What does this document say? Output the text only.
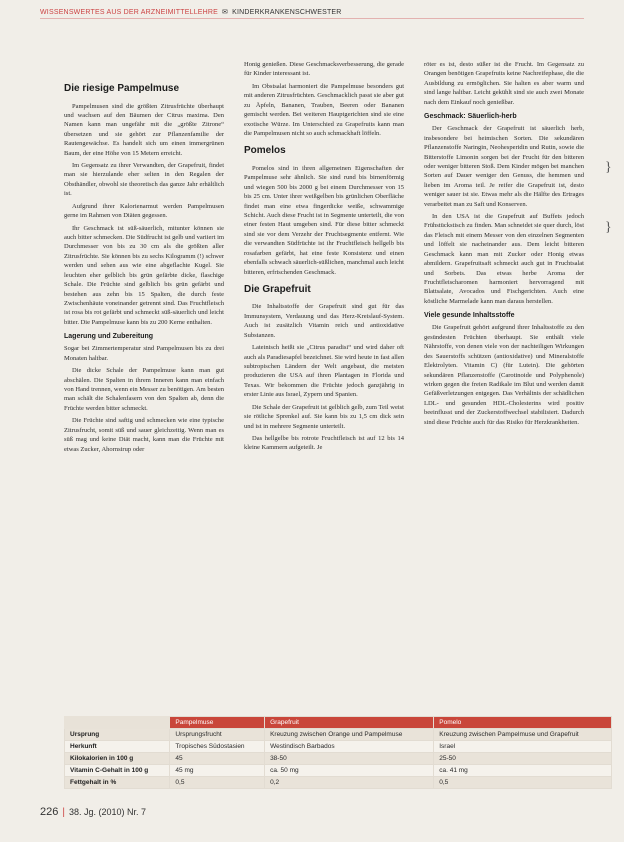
WISSENSWERTES AUS DER ARZNEIMITTELLEHRE ✉ KINDERKRANKENSCHWESTER
Die riesige Pampelmuse

Pampelmusen sind die größten Zitrusfrüchte überhaupt und wachsen auf den Bäumen der Citrus maxima. Den Namen kann man ungefähr mit die „größte Zitrone“ übersetzen und sie gehört zur Pflanzenfamilie der Rautengewächse. Es handelt sich um einen immergrünen Baum, der eine Höhe von 15 Metern erreicht.

Im Gegensatz zu ihrer Verwandten, der Grapefruit, findet man sie hierzulande eher selten in den Regalen der Obsthändler, obwohl sie theoretisch das ganze Jahr erhältlich ist.

Aufgrund ihrer Kalorienarmut werden Pampelmusen gerne im Rahmen von Diäten gegessen.

Ihr Geschmack ist süß-säuerlich, mitunter können sie auch bitter schmecken. Die Südfrucht ist gelb und variiert im Durchmesser von bis zu 30 cm als die größten aller Zitrusfrüchte. Sie können bis zu sechs Kilogramm (!) schwer werden und sehen aus wie eine abgeflachte Kugel. Sie leuchten eher gelblich bis grün gefärbte dicke, flaschige Schale. Die Früchte sind gelblich bis grün gefärbt und bestehen aus zehn bis 15 Spalten, die durch feste Zwischenhäute voneinander getrennt sind. Das Fruchtfleisch ist rosa bis rot gefärbt und schmeckt süß-säuerlich und leicht bitter. Die Pampelmuse kann bis zu 200 Kerne enthalten.

Lagerung und Zubereitung

Sogar bei Zimmertemperatur sind Pampelmusen bis zu drei Monaten haltbar.

Die dicke Schale der Pampelmuse kann man gut abschälen. Die Spalten in ihrem Inneren kann man einfach von Hand trennen, wenn ein Messer zu benötigen. Am besten man schält die Schalenfasern von den Spalten ab, denn die Früchte werden bitter schmeckt.

Die Früchte sind saftig und schmecken wie eine typische Zitrusfrucht, somit süß und sauer gleichzeitig. Wenn man es süß mag und keine Diät macht, kann man die Früchte mit etwas Zucker, Ahornsirup oder

Honig genießen. Diese Geschmacksverbesserung, die gerade für Kinder interessant ist.

Im Obstsalat harmoniert die Pampelmuse besonders gut mit anderen Zitrusfrüchten. Geschmacklich passt sie aber gut zu Äpfeln, Bananen, Trauben, Beeren oder Bananen gemischt werden. Bei weiteren Hauptgerichten sind sie eine exotische Würze. Im Unterschied zu Grapefruits kann man die Pampelmusen nicht so auch schmackhaft löffeln.

Pomelos

Pomelos sind in ihren allgemeinen Eigenschaften der Pampelmuse sehr ähnlich. Sie sind rund bis birnenförmig und wiegen 500 bis 2000 g bei einem Durchmesser von 15 bis 25 cm. Unter ihrer weißgelben bis grünlichen Oberfläche findet man eine etwa fingerdicke weiße, schwammige Schicht. Auch diese Frucht ist in Segmente unterteilt, die von einer festen Haut umgeben sind. Für diese bitter schmeckt sind sie vor dem Verzehr der Fruchtsegmente entfernt. Wie die verwandten Südfrüchte ist ihr Fruchtfleisch hellgelb bis rosafarben gefärbt, hat eine feste Konsistenz und einen ebenfalls schwach säuerlich-süßlichen, manchmal auch leicht bitteren, erfrischenden Geschmack.

Die Grapefruit

Die Inhaltsstoffe der Grapefruit sind gut für das Immunsystem, Verdauung und das Herz-Kreislauf-System. Auch ist zusätzlich Vitamin reich und antioxidative Substanzen.

Lateinisch heißt sie „Citrus paradisi“ und wird daher oft auch als Paradiesapfel bezeichnet. Sie wird heute in fast allen subtropischen Ländern der Welt angebaut, die meisten produzieren die USA auf ihren Plantagen in Florida und Texas. Wir bekommen die Früchte jedoch ganzjährig in erster Linie aus Israel, Zypern und Spanien.

Die Schale der Grapefruit ist gelblich gelb, zum Teil weist sie rötliche Sprenkel auf. Sie kann bis zu 1,5 cm dick sein und ist in mehrere Segmente unterteilt.

Das hellgelbe bis rotrote Fruchtfleisch ist auf 12 bis 14 kleine Kammern aufgeteilt. Je

röter es ist, desto süßer ist die Frucht. Im Gegensatz zu Orangen benötigen Grapefruits keine Nachreifephase, die die Ausbildung zu ermöglichen. Sie halten es aber warm und sind lange haltbar. Leicht gekühlt sind sie auch zwei Monate nach dem Einkauf noch genießbar.

Geschmack: Säuerlich-herb

Der Geschmack der Grapefruit ist säuerlich herb, insbesondere bei heimischen Sorten. Die sekundären Pflanzenstoffe Naringin, Neohesperidin und Rutin, sowie die Bitterstoffe Limonin sorgen bei der Frucht für den bitteren oder weniger bitteren Stoß. Dem Kinder mögen bei manchen Sorten auf Dauer weniger den Genuss, die hemmen und lieben im Aroma teil. Je reifer die Grapefruit ist, desto weniger sauer ist sie. Etwas mehr als die Hälfte des Ertrages verarbeitet man zu Saft und Konserven.

In den USA ist die Grapefruit auf Buffets jedoch Frühstückstisch zu finden. Man schneidet sie quer durch, löst das Fleisch mit einem Messer von den einzelnen Segmenten und löffelt sie nacheinander aus. Dem leicht bitteren Geschmack kann man mit Zucker oder Honig etwas abmildern. Grapefruitsaft schmeckt auch gut in Fruchtsalat und Sorbets. Das etwas herbe Aroma der Fruchtfleischaromen harmoniert hervorragend mit Blattsalate, Avocados und Fischgerichten. Auch eine köstliche Marmelade kann man daraus herstellen.

Viele gesunde Inhaltsstoffe

Die Grapefruit gehört aufgrund ihrer Inhaltsstoffe zu den gesündesten Früchten überhaupt. Sie enthält viele Nährstoffe, von denen viele von der nachteiligen Wirkungen des Sauerstoffs schützen (antioxidative) und Mineralstoffe Elektrolyten. Vitamin C) (für Lutein). Die gehörten sekundären Pflanzenstoffe (Carotinoide und Polyphenole) wirken gegen die freien Radikale im Blut und werden damit Gefäßverletzungen entgegen. Das Verhältnis der schädlichen LDL- und gesunden HDL-Cholesterins wird positiv beeinflusst und der Zuckerstoffwechsel stabilisiert. Dadurch sind diese Früchte auch für das Risiko für Herzkrankheiten.

}
}
	Pampelmuse	Grapefruit	Pomelo
Ursprung	Ursprungsfrucht	Kreuzung zwischen Orange und Pampelmuse	Kreuzung zwischen Pampelmuse und Grapefruit
Herkunft	Tropisches Südostasien	Westindisch Barbados	Israel
Kilokalorien in 100 g	45	38-50	25-50
Vitamin C-Gehalt in 100 g	45 mg	ca. 50 mg	ca. 41 mg
Fettgehalt in %	0,5	0,2	0,5
226 | 38. Jg. (2010) Nr. 7
